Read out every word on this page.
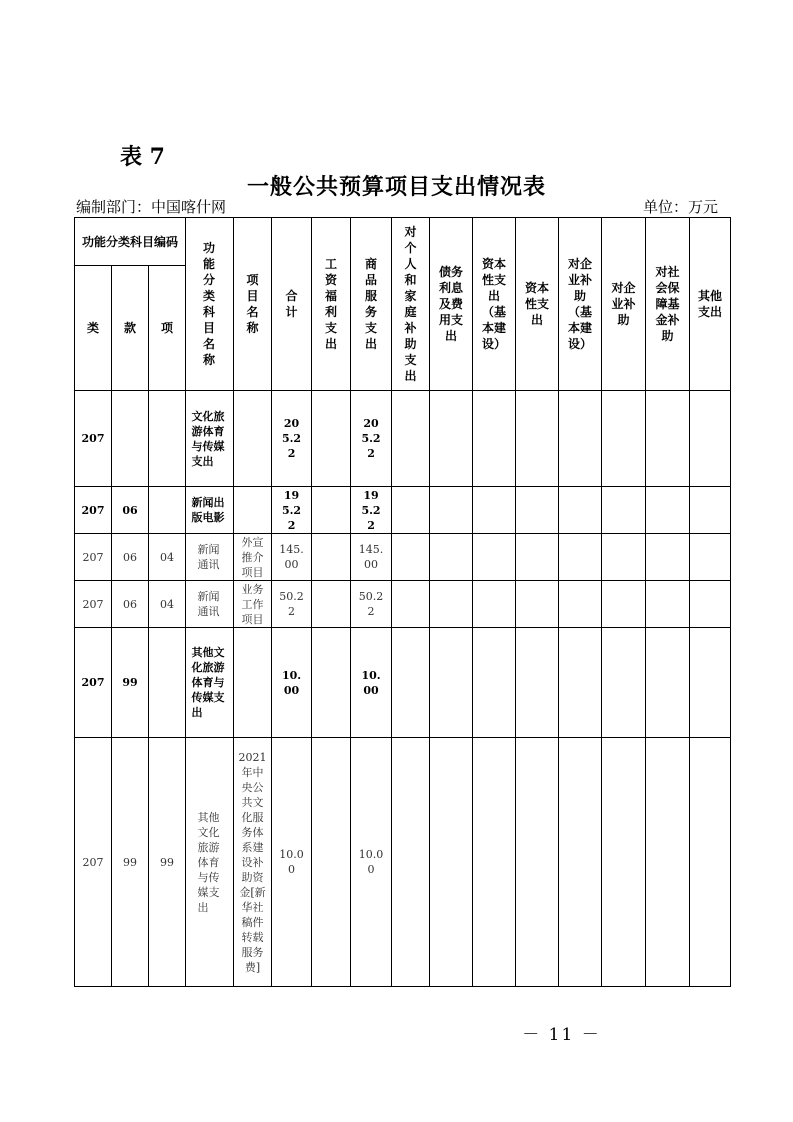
表 7
一般公共预算项目支出情况表
编制部门：中国喀什网	单位：万元
功能分类科目编码			功能分类科目名称	项目名称	合计	工资福利支出	商品服务支出	对个人和家庭补助支出	债务利息及费用支出	资本性支出（基本建设）	资本性支出	对企业补助（基本建设）	对企业补助	对社会保障基金补助	其他支出
类	款	项													
207			文化旅游体育与传媒支出		205.22		205.22								
207	06		新闻出版电影		195.22		195.22								
207	06	04	新闻通讯	外宣推介项目	145.00		145.00								
207	06	04	新闻通讯	业务工作项目	50.22		50.22								
207	99		其他文化旅游体育与传媒支出		10.00		10.00								
207	99	99	其他文化旅游体育与传媒支出	2021年中央公共文化服务体系建设补助资金[新华社稿件转载服务费]	10.00		10.00								
－ 11 －
